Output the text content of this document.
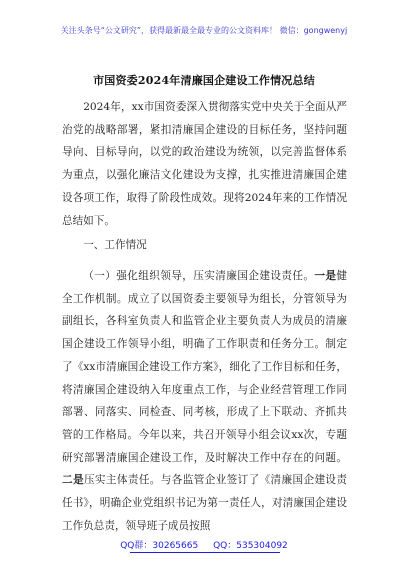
关注头条号“公文研究”，获得最新最全最专业的公文资料库！ 微信：gongwenyj
市国资委2024年清廉国企建设工作情况总结

2024年，xx市国资委深入贯彻落实党中央关于全面从严治党的战略部署，紧扣清廉国企建设的目标任务，坚持问题导向、目标导向，以党的政治建设为统领，以完善监督体系为重点，以强化廉洁文化建设为支撑，扎实推进清廉国企建设各项工作，取得了阶段性成效。现将2024年来的工作情况总结如下。

一、工作情况

（一）强化组织领导，压实清廉国企建设责任。一是健全工作机制。成立了以国资委主要领导为组长，分管领导为副组长，各科室负责人和监管企业主要负责人为成员的清廉国企建设工作领导小组，明确了工作职责和任务分工。制定了《xx市清廉国企建设工作方案》，细化了工作目标和任务，将清廉国企建设纳入年度重点工作，与企业经营管理工作同部署、同落实、同检查、同考核，形成了上下联动、齐抓共管的工作格局。今年以来，共召开领导小组会议xx次，专题研究部署清廉国企建设工作，及时解决工作中存在的问题。二是压实主体责任。与各监管企业签订了《清廉国企建设责任书》，明确企业党组织书记为第一责任人，对清廉国企建设工作负总责，领导班子成员按照

QQ群：30265665 QQ：535304092
